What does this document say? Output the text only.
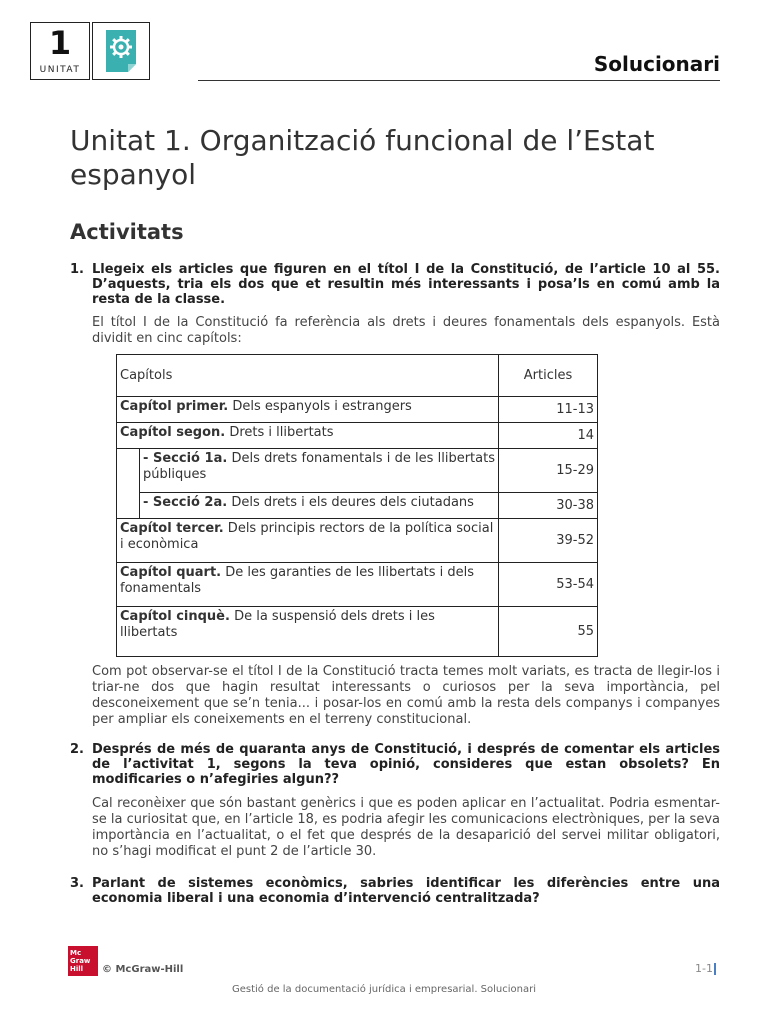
1
UNITAT	Solucionari
Unitat 1. Organització funcional de l’Estat espanyol
Activitats
1. Llegeix els articles que figuren en el títol I de la Constitució, de l’article 10 al 55. D’aquests, tria els dos que et resultin més interessants i posa’ls en comú amb la resta de la classe.
El títol I de la Constitució fa referència als drets i deures fonamentals dels espanyols. Està dividit en cinc capítols:
Capítols		Articles
Capítol primer. Dels espanyols i estrangers		11-13
Capítol segon. Drets i llibertats		14
	- Secció 1a. Dels drets fonamentals i de les llibertats públiques	15-29
	- Secció 2a. Dels drets i els deures dels ciutadans	30-38
Capítol tercer. Dels principis rectors de la política social i econòmica		39-52
Capítol quart. De les garanties de les llibertats i dels fonamentals		53-54
Capítol cinquè. De la suspensió dels drets i les llibertats		55
Com pot observar-se el títol I de la Constitució tracta temes molt variats, es tracta de llegir-los i triar-ne dos que hagin resultat interessants o curiosos per la seva importància, pel desconeixement que se’n tenia... i posar-los en comú amb la resta dels companys i companyes per ampliar els coneixements en el terreny constitucional.
2. Després de més de quaranta anys de Constitució, i després de comentar els articles de l’activitat 1, segons la teva opinió, consideres que estan obsolets? En modificaries o n’afegiries algun??
Cal reconèixer que són bastant genèrics i que es poden aplicar en l’actualitat. Podria esmentar-se la curiositat que, en l’article 18, es podria afegir les comunicacions electròniques, per la seva importància en l’actualitat, o el fet que després de la desaparició del servei militar obligatori, no s’hagi modificat el punt 2 de l’article 30.
3. Parlant de sistemes econòmics, sabries identificar les diferències entre una economia liberal i una economia d’intervenció centralitzada?
Mc Graw Hill	© McGraw-Hill	1-1
Gestió de la documentació jurídica i empresarial. Solucionari
